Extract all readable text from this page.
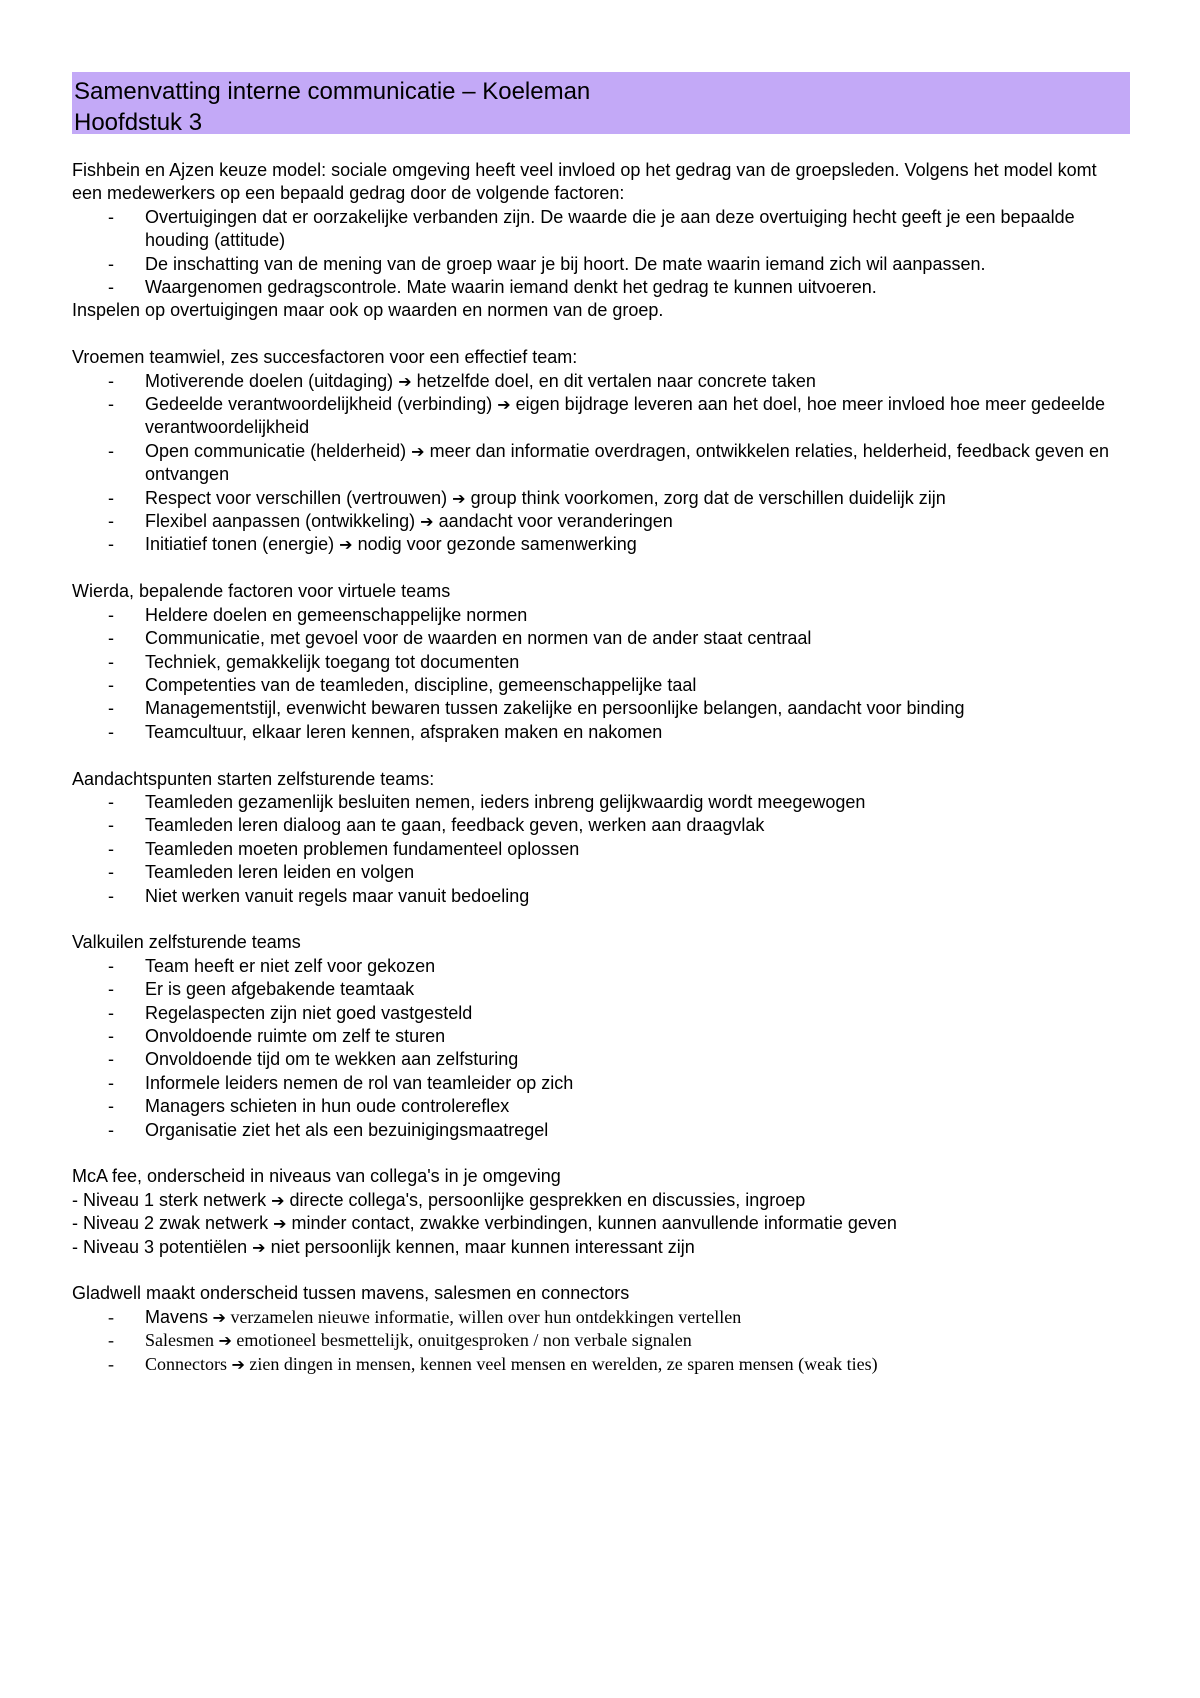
Samenvatting interne communicatie – Koeleman
Hoofdstuk 3

Fishbein en Ajzen keuze model: sociale omgeving heeft veel invloed op het gedrag van de groepsleden. Volgens het model komt een medewerkers op een bepaald gedrag door de volgende factoren:

- Overtuigingen dat er oorzakelijke verbanden zijn. De waarde die je aan deze overtuiging hecht geeft je een bepaalde houding (attitude)
- De inschatting van de mening van de groep waar je bij hoort. De mate waarin iemand zich wil aanpassen.
- Waargenomen gedragscontrole. Mate waarin iemand denkt het gedrag te kunnen uitvoeren.

Inspelen op overtuigingen maar ook op waarden en normen van de groep.

Vroemen teamwiel, zes succesfactoren voor een effectief team:

- Motiverende doelen (uitdaging) ➔ hetzelfde doel, en dit vertalen naar concrete taken
- Gedeelde verantwoordelijkheid (verbinding) ➔ eigen bijdrage leveren aan het doel, hoe meer invloed hoe meer gedeelde verantwoordelijkheid
- Open communicatie (helderheid) ➔ meer dan informatie overdragen, ontwikkelen relaties, helderheid, feedback geven en ontvangen
- Respect voor verschillen (vertrouwen) ➔ group think voorkomen, zorg dat de verschillen duidelijk zijn
- Flexibel aanpassen (ontwikkeling) ➔ aandacht voor veranderingen
- Initiatief tonen (energie) ➔ nodig voor gezonde samenwerking

Wierda, bepalende factoren voor virtuele teams

- Heldere doelen en gemeenschappelijke normen
- Communicatie, met gevoel voor de waarden en normen van de ander staat centraal
- Techniek, gemakkelijk toegang tot documenten
- Competenties van de teamleden, discipline, gemeenschappelijke taal
- Managementstijl, evenwicht bewaren tussen zakelijke en persoonlijke belangen, aandacht voor binding
- Teamcultuur, elkaar leren kennen, afspraken maken en nakomen

Aandachtspunten starten zelfsturende teams:

- Teamleden gezamenlijk besluiten nemen, ieders inbreng gelijkwaardig wordt meegewogen
- Teamleden leren dialoog aan te gaan, feedback geven, werken aan draagvlak
- Teamleden moeten problemen fundamenteel oplossen
- Teamleden leren leiden en volgen
- Niet werken vanuit regels maar vanuit bedoeling

Valkuilen zelfsturende teams

- Team heeft er niet zelf voor gekozen
- Er is geen afgebakende teamtaak
- Regelaspecten zijn niet goed vastgesteld
- Onvoldoende ruimte om zelf te sturen
- Onvoldoende tijd om te wekken aan zelfsturing
- Informele leiders nemen de rol van teamleider op zich
- Managers schieten in hun oude controlereflex
- Organisatie ziet het als een bezuinigingsmaatregel

McA fee, onderscheid in niveaus van collega's in je omgeving

- Niveau 1 sterk netwerk ➔ directe collega's, persoonlijke gesprekken en discussies, ingroep

- Niveau 2 zwak netwerk ➔ minder contact, zwakke verbindingen, kunnen aanvullende informatie geven

- Niveau 3 potentiëlen ➔ niet persoonlijk kennen, maar kunnen interessant zijn

Gladwell maakt onderscheid tussen mavens, salesmen en connectors

- Mavens ➔ verzamelen nieuwe informatie, willen over hun ontdekkingen vertellen
- Salesmen ➔ emotioneel besmettelijk, onuitgesproken / non verbale signalen
- Connectors ➔ zien dingen in mensen, kennen veel mensen en werelden, ze sparen mensen (weak ties)
